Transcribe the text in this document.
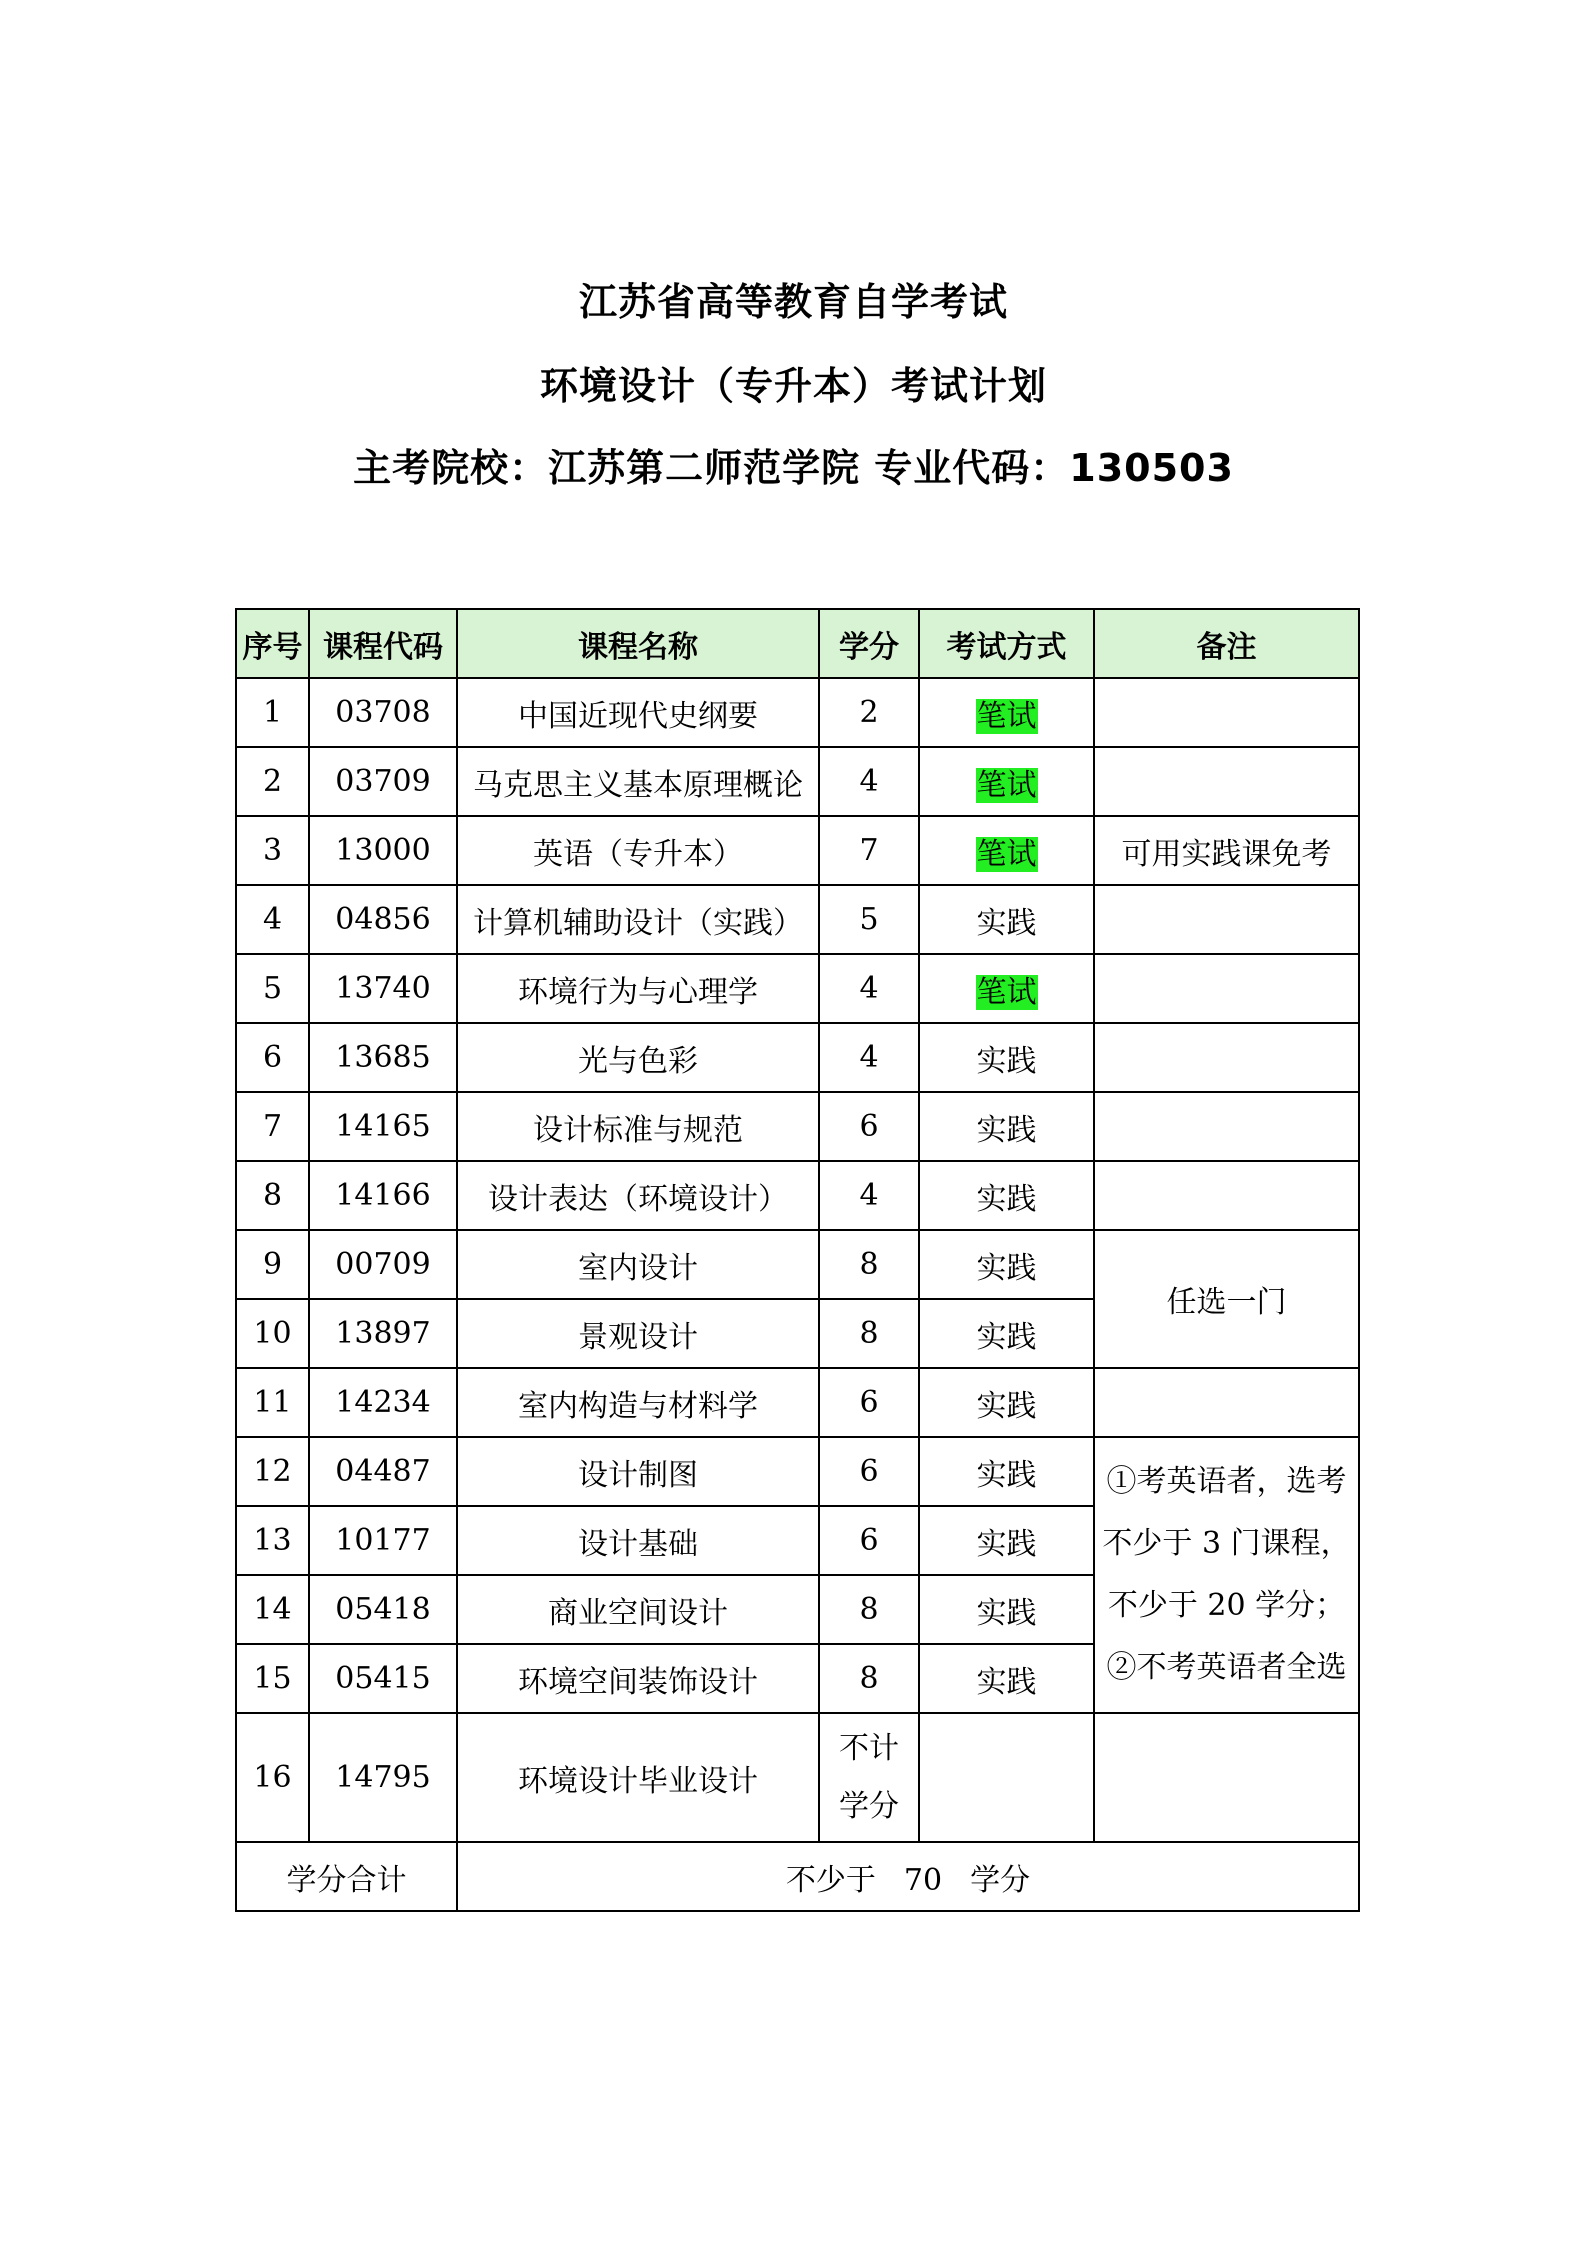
江苏省高等教育自学考试
环境设计（专升本）考试计划
主考院校：江苏第二师范学院 专业代码：130503
序号	课程代码	课程名称	学分	考试方式	备注
1	03708	中国近现代史纲要	2	笔试	
2	03709	马克思主义基本原理概论	4	笔试	
3	13000	英语（专升本）	7	笔试	可用实践课免考
4	04856	计算机辅助设计（实践）	5	实践	
5	13740	环境行为与心理学	4	笔试	
6	13685	光与色彩	4	实践	
7	14165	设计标准与规范	6	实践	
8	14166	设计表达（环境设计）	4	实践	
9	00709	室内设计	8	实践	任选一门
10	13897	景观设计	8	实践	
11	14234	室内构造与材料学	6	实践	
12	04487	设计制图	6	实践	①考英语者，选考
不少于 3 门课程，
不少于 20 学分；
②不考英语者全选

13	10177	设计基础	6	实践	
14	05418	商业空间设计	8	实践	
15	05415	环境空间装饰设计	8	实践	
16	14795	环境设计毕业设计	不计学分		
学分合计		不少于 70 学分			
